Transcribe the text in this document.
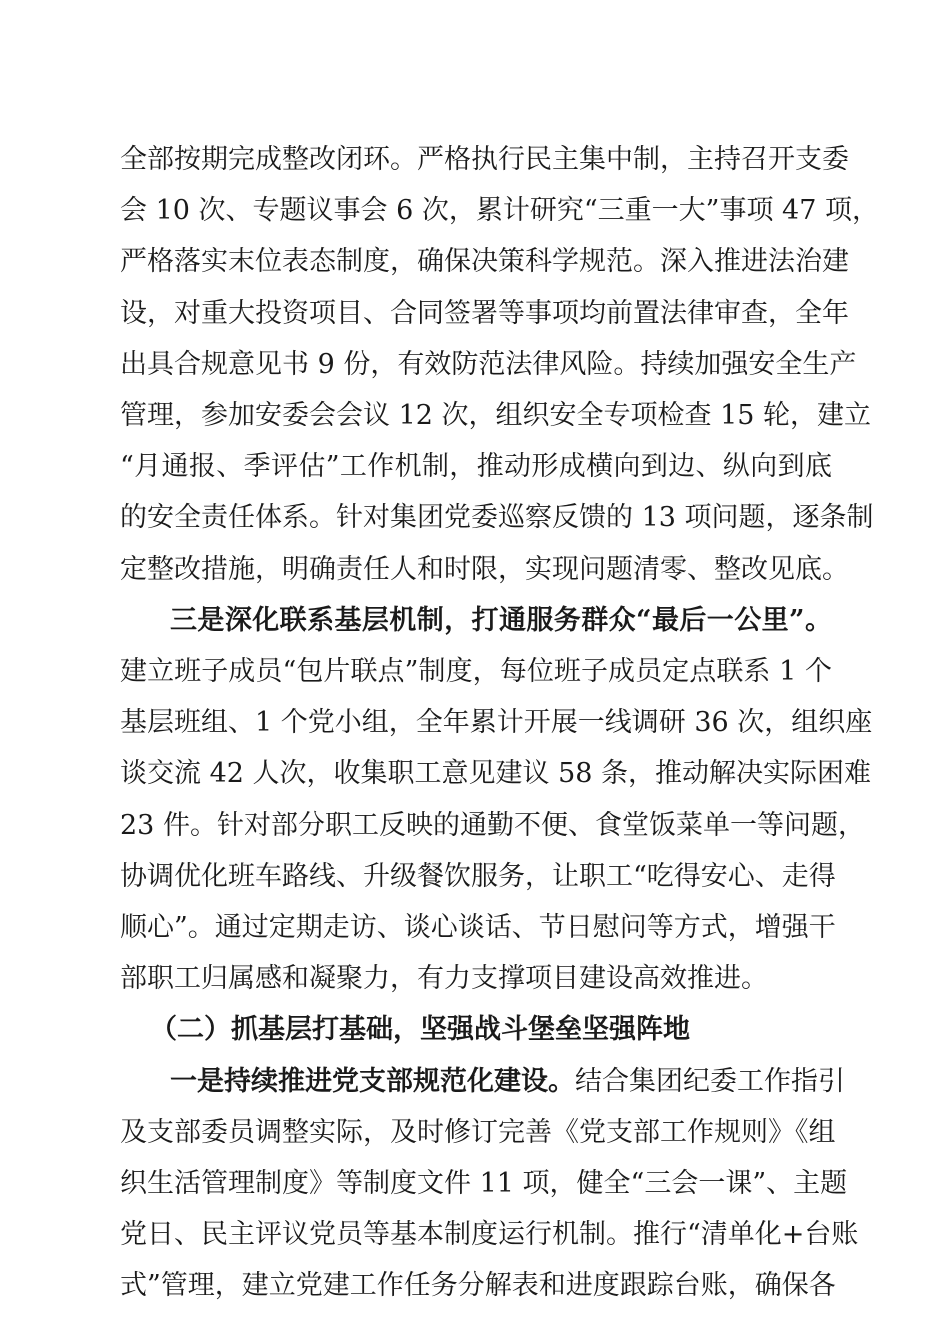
全部按期完成整改闭环。严格执行民主集中制，主持召开支委
会 10 次、专题议事会 6 次，累计研究“三重一大”事项 47 项，
严格落实末位表态制度，确保决策科学规范。深入推进法治建
设，对重大投资项目、合同签署等事项均前置法律审查，全年
出具合规意见书 9 份，有效防范法律风险。持续加强安全生产
管理，参加安委会会议 12 次，组织安全专项检查 15 轮，建立
“月通报、季评估”工作机制，推动形成横向到边、纵向到底
的安全责任体系。针对集团党委巡察反馈的 13 项问题，逐条制
定整改措施，明确责任人和时限，实现问题清零、整改见底。
三是深化联系基层机制，打通服务群众“最后一公里”。
建立班子成员“包片联点”制度，每位班子成员定点联系 1 个
基层班组、1 个党小组，全年累计开展一线调研 36 次，组织座
谈交流 42 人次，收集职工意见建议 58 条，推动解决实际困难
23 件。针对部分职工反映的通勤不便、食堂饭菜单一等问题，
协调优化班车路线、升级餐饮服务，让职工“吃得安心、走得
顺心”。通过定期走访、谈心谈话、节日慰问等方式，增强干
部职工归属感和凝聚力，有力支撑项目建设高效推进。
（二）抓基层打基础，坚强战斗堡垒坚强阵地
一是持续推进党支部规范化建设。结合集团纪委工作指引
及支部委员调整实际，及时修订完善《党支部工作规则》《组
织生活管理制度》等制度文件 11 项，健全“三会一课”、主题
党日、民主评议党员等基本制度运行机制。推行“清单化+台账
式”管理，建立党建工作任务分解表和进度跟踪台账，确保各
